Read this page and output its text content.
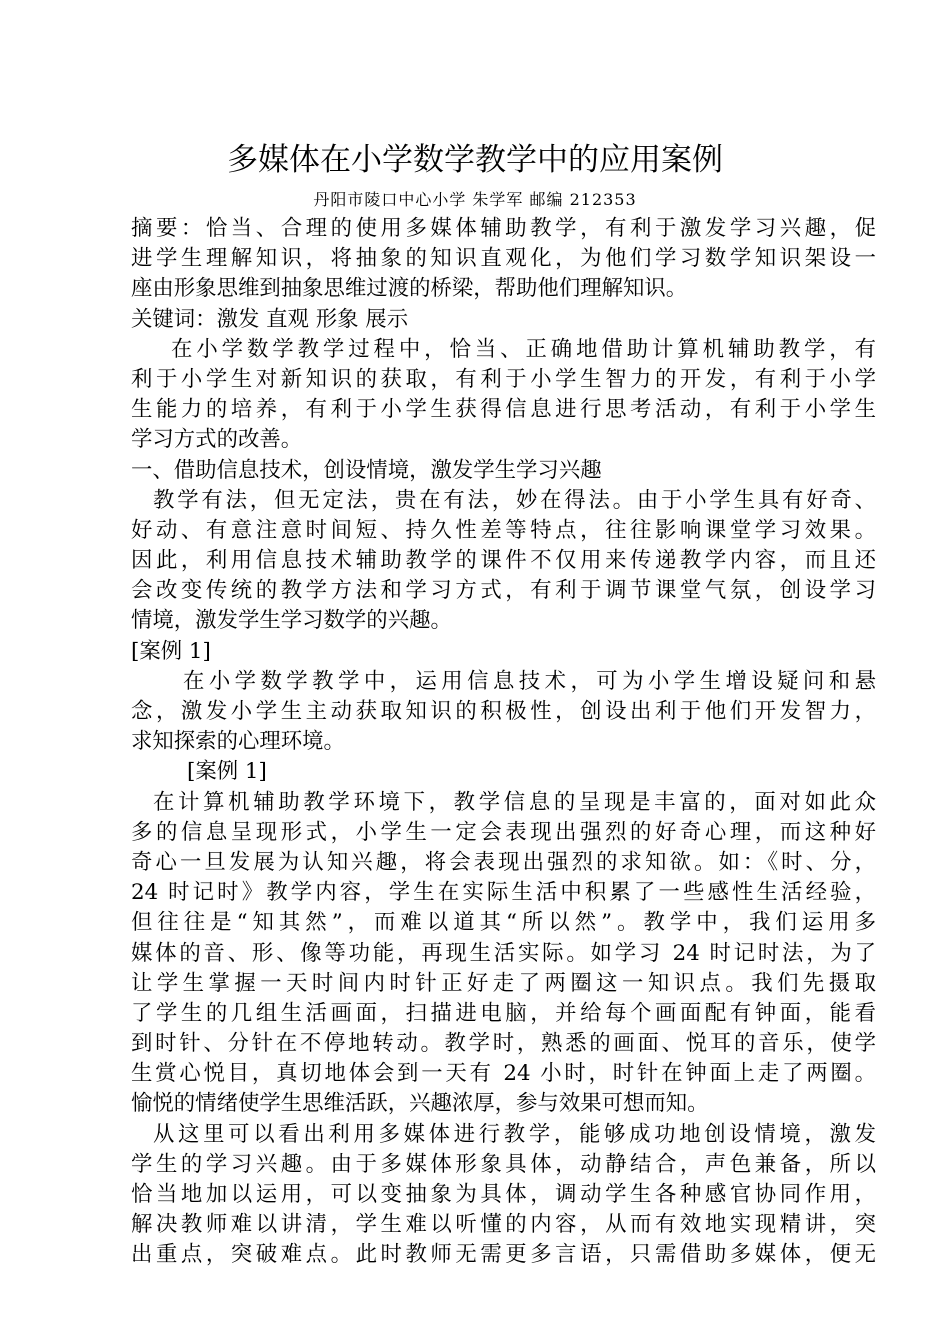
多媒体在小学数学教学中的应用案例
丹阳市陵口中心小学 朱学军 邮编 212353
摘要：恰当、合理的使用多媒体辅助教学，有利于激发学习兴趣，促
进学生理解知识，将抽象的知识直观化，为他们学习数学知识架设一
座由形象思维到抽象思维过渡的桥梁，帮助他们理解知识。
关键词：激发 直观 形象 展示
在小学数学教学过程中，恰当、正确地借助计算机辅助教学，有
利于小学生对新知识的获取，有利于小学生智力的开发，有利于小学
生能力的培养，有利于小学生获得信息进行思考活动，有利于小学生
学习方式的改善。
一、借助信息技术，创设情境，激发学生学习兴趣
教学有法，但无定法，贵在有法，妙在得法。由于小学生具有好奇、
好动、有意注意时间短、持久性差等特点，往往影响课堂学习效果。
因此，利用信息技术辅助教学的课件不仅用来传递教学内容，而且还
会改变传统的教学方法和学习方式，有利于调节课堂气氛，创设学习
情境，激发学生学习数学的兴趣。
[案例 1]
在小学数学教学中，运用信息技术，可为小学生增设疑问和悬
念，激发小学生主动获取知识的积极性，创设出利于他们开发智力，
求知探索的心理环境。
[案例 1]
在计算机辅助教学环境下，教学信息的呈现是丰富的，面对如此众
多的信息呈现形式，小学生一定会表现出强烈的好奇心理，而这种好
奇心一旦发展为认知兴趣，将会表现出强烈的求知欲。如：《时、分，
24 时记时》教学内容，学生在实际生活中积累了一些感性生活经验，
但往往是“知其然”，而难以道其“所以然”。教学中，我们运用多
媒体的音、形、像等功能，再现生活实际。如学习 24 时记时法，为了
让学生掌握一天时间内时针正好走了两圈这一知识点。我们先摄取
了学生的几组生活画面，扫描进电脑，并给每个画面配有钟面，能看
到时针、分针在不停地转动。教学时，熟悉的画面、悦耳的音乐，使学
生赏心悦目，真切地体会到一天有 24 小时，时针在钟面上走了两圈。
愉悦的情绪使学生思维活跃，兴趣浓厚，参与效果可想而知。
从这里可以看出利用多媒体进行教学，能够成功地创设情境，激发
学生的学习兴趣。由于多媒体形象具体，动静结合，声色兼备，所以
恰当地加以运用，可以变抽象为具体，调动学生各种感官协同作用，
解决教师难以讲清，学生难以听懂的内容，从而有效地实现精讲，突
出重点，突破难点。此时教师无需更多言语，只需借助多媒体，便无
